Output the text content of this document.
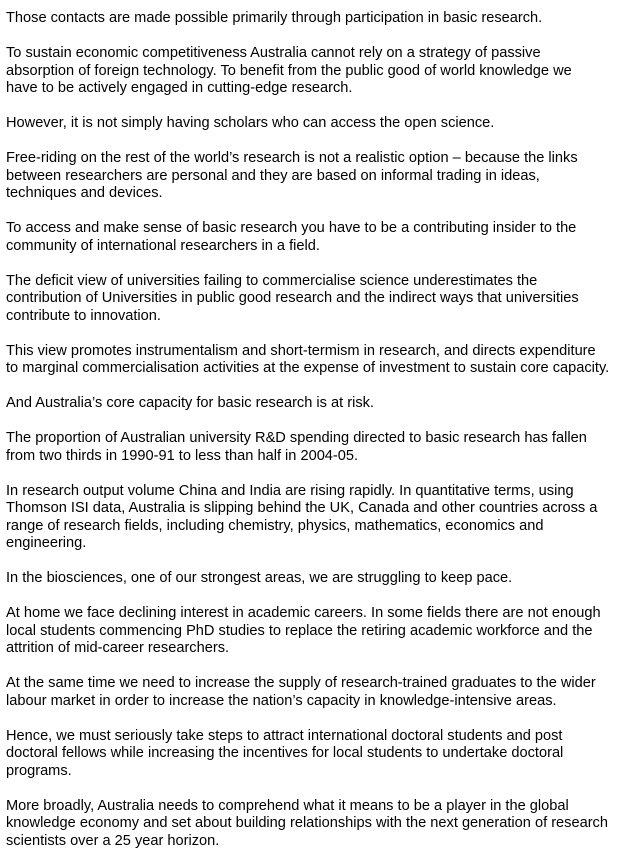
Those contacts are made possible primarily through participation in basic research.

To sustain economic competitiveness Australia cannot rely on a strategy of passive
absorption of foreign technology. To benefit from the public good of world knowledge we
have to be actively engaged in cutting-edge research.

However, it is not simply having scholars who can access the open science.

Free-riding on the rest of the world’s research is not a realistic option – because the links
between researchers are personal and they are based on informal trading in ideas,
techniques and devices.

To access and make sense of basic research you have to be a contributing insider to the
community of international researchers in a field.

The deficit view of universities failing to commercialise science underestimates the
contribution of Universities in public good research and the indirect ways that universities
contribute to innovation.

This view promotes instrumentalism and short-termism in research, and directs expenditure
to marginal commercialisation activities at the expense of investment to sustain core capacity.

And Australia’s core capacity for basic research is at risk.

The proportion of Australian university R&D spending directed to basic research has fallen
from two thirds in 1990-91 to less than half in 2004-05.

In research output volume China and India are rising rapidly. In quantitative terms, using
Thomson ISI data, Australia is slipping behind the UK, Canada and other countries across a
range of research fields, including chemistry, physics, mathematics, economics and
engineering.

In the biosciences, one of our strongest areas, we are struggling to keep pace.

At home we face declining interest in academic careers. In some fields there are not enough
local students commencing PhD studies to replace the retiring academic workforce and the
attrition of mid-career researchers.

At the same time we need to increase the supply of research-trained graduates to the wider
labour market in order to increase the nation’s capacity in knowledge-intensive areas.

Hence, we must seriously take steps to attract international doctoral students and post
doctoral fellows while increasing the incentives for local students to undertake doctoral
programs.

More broadly, Australia needs to comprehend what it means to be a player in the global
knowledge economy and set about building relationships with the next generation of research
scientists over a 25 year horizon.
